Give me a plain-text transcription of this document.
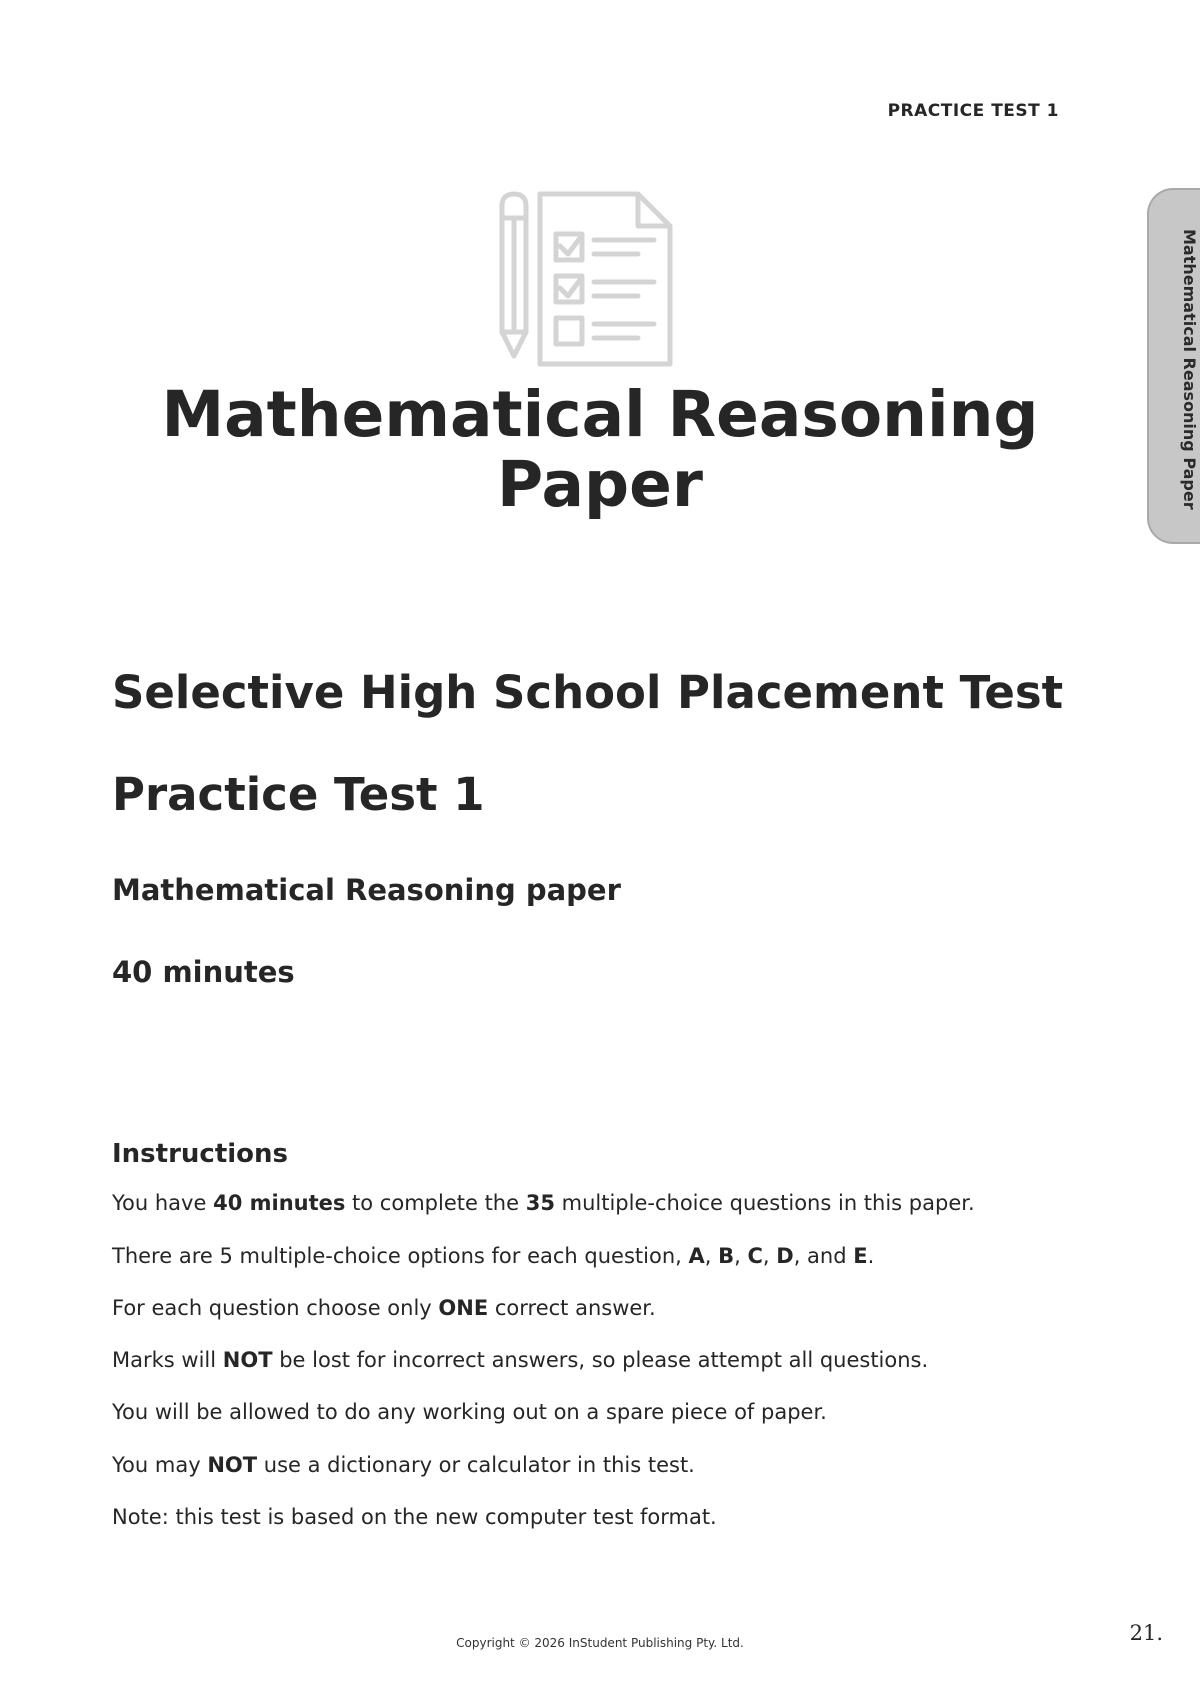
PRACTICE TEST 1
Mathematical Reasoning Paper
Mathematical Reasoning
Paper
Selective High School Placement Test
Practice Test 1
Mathematical Reasoning paper
40 minutes
Instructions

You have 40 minutes to complete the 35 multiple-choice questions in this paper.

There are 5 multiple-choice options for each question, A, B, C, D, and E.

For each question choose only ONE correct answer.

Marks will NOT be lost for incorrect answers, so please attempt all questions.

You will be allowed to do any working out on a spare piece of paper.

You may NOT use a dictionary or calculator in this test.

Note: this test is based on the new computer test format.

Copyright © 2026 InStudent Publishing Pty. Ltd.	21.
